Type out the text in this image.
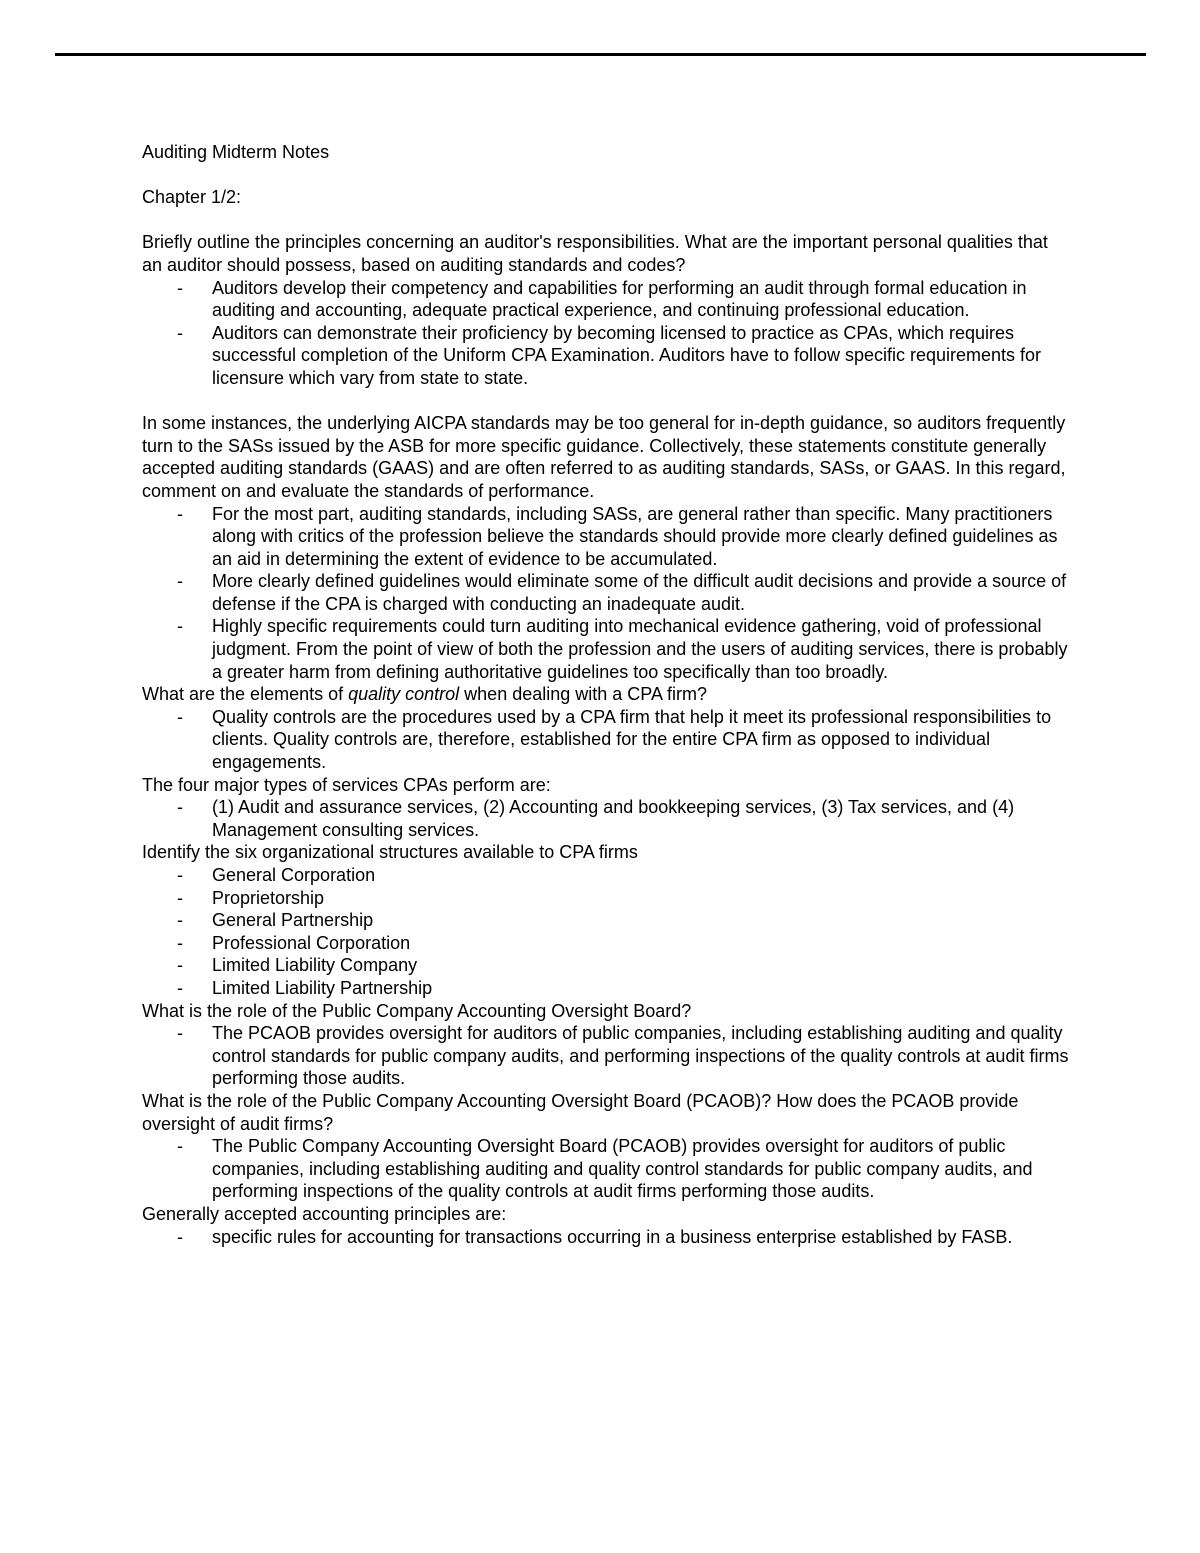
Auditing Midterm Notes

Chapter 1/2:

Briefly outline the principles concerning an auditor's responsibilities. What are the important personal qualities that an auditor should possess, based on auditing standards and codes?

- Auditors develop their competency and capabilities for performing an audit through formal education in auditing and accounting, adequate practical experience, and continuing professional education.

- Auditors can demonstrate their proficiency by becoming licensed to practice as CPAs, which requires successful completion of the Uniform CPA Examination. Auditors have to follow specific requirements for licensure which vary from state to state.

In some instances, the underlying AICPA standards may be too general for in-depth guidance, so auditors frequently turn to the SASs issued by the ASB for more specific guidance. Collectively, these statements constitute generally accepted auditing standards (GAAS) and are often referred to as auditing standards, SASs, or GAAS. In this regard, comment on and evaluate the standards of performance.

- For the most part, auditing standards, including SASs, are general rather than specific. Many practitioners along with critics of the profession believe the standards should provide more clearly defined guidelines as an aid in determining the extent of evidence to be accumulated.

- More clearly defined guidelines would eliminate some of the difficult audit decisions and provide a source of defense if the CPA is charged with conducting an inadequate audit.

- Highly specific requirements could turn auditing into mechanical evidence gathering, void of professional judgment. From the point of view of both the profession and the users of auditing services, there is probably a greater harm from defining authoritative guidelines too specifically than too broadly.

What are the elements of quality control when dealing with a CPA firm?

- Quality controls are the procedures used by a CPA firm that help it meet its professional responsibilities to clients. Quality controls are, therefore, established for the entire CPA firm as opposed to individual engagements.

The four major types of services CPAs perform are:

- (1) Audit and assurance services, (2) Accounting and bookkeeping services, (3) Tax services, and (4) Management consulting services.

Identify the six organizational structures available to CPA firms

- General Corporation

- Proprietorship

- General Partnership

- Professional Corporation

- Limited Liability Company

- Limited Liability Partnership

What is the role of the Public Company Accounting Oversight Board?

- The PCAOB provides oversight for auditors of public companies, including establishing auditing and quality control standards for public company audits, and performing inspections of the quality controls at audit firms performing those audits.

What is the role of the Public Company Accounting Oversight Board (PCAOB)? How does the PCAOB provide oversight of audit firms?

- The Public Company Accounting Oversight Board (PCAOB) provides oversight for auditors of public companies, including establishing auditing and quality control standards for public company audits, and performing inspections of the quality controls at audit firms performing those audits.

Generally accepted accounting principles are:

- specific rules for accounting for transactions occurring in a business enterprise established by FASB.
